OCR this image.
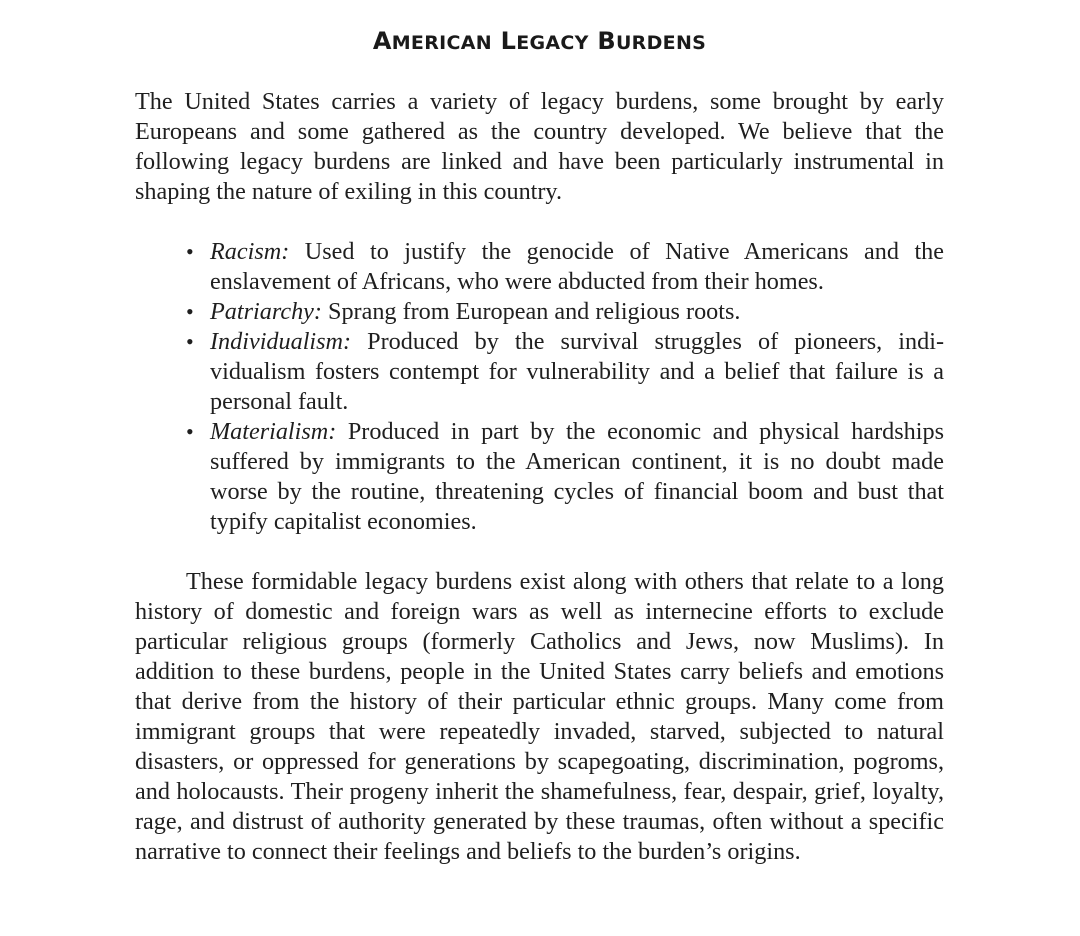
AMERICAN LEGACY BURDENS

The United States carries a variety of legacy burdens, some brought by early Europeans and some gathered as the country developed. We believe that the following legacy burdens are linked and have been particularly instrumental in shaping the nature of exiling in this country.

• Racism: Used to justify the genocide of Native Americans and the enslavement of Africans, who were abducted from their homes.
• Patriarchy: Sprang from European and religious roots.
• Individualism: Produced by the survival struggles of pioneers, individualism fosters contempt for vulnerability and a belief that failure is a personal fault.
• Materialism: Produced in part by the economic and physical hardships suffered by immigrants to the American continent, it is no doubt made worse by the routine, threatening cycles of financial boom and bust that typify capitalist economies.

These formidable legacy burdens exist along with others that relate to a long history of domestic and foreign wars as well as internecine efforts to exclude particular religious groups (formerly Catholics and Jews, now Muslims). In addition to these burdens, people in the United States carry beliefs and emotions that derive from the history of their particular ethnic groups. Many come from immigrant groups that were repeatedly invaded, starved, subjected to natural disasters, or oppressed for generations by scapegoating, discrimination, pogroms, and holocausts. Their progeny inherit the shamefulness, fear, despair, grief, loyalty, rage, and distrust of authority generated by these traumas, often without a specific narrative to connect their feelings and beliefs to the burden’s origins.
